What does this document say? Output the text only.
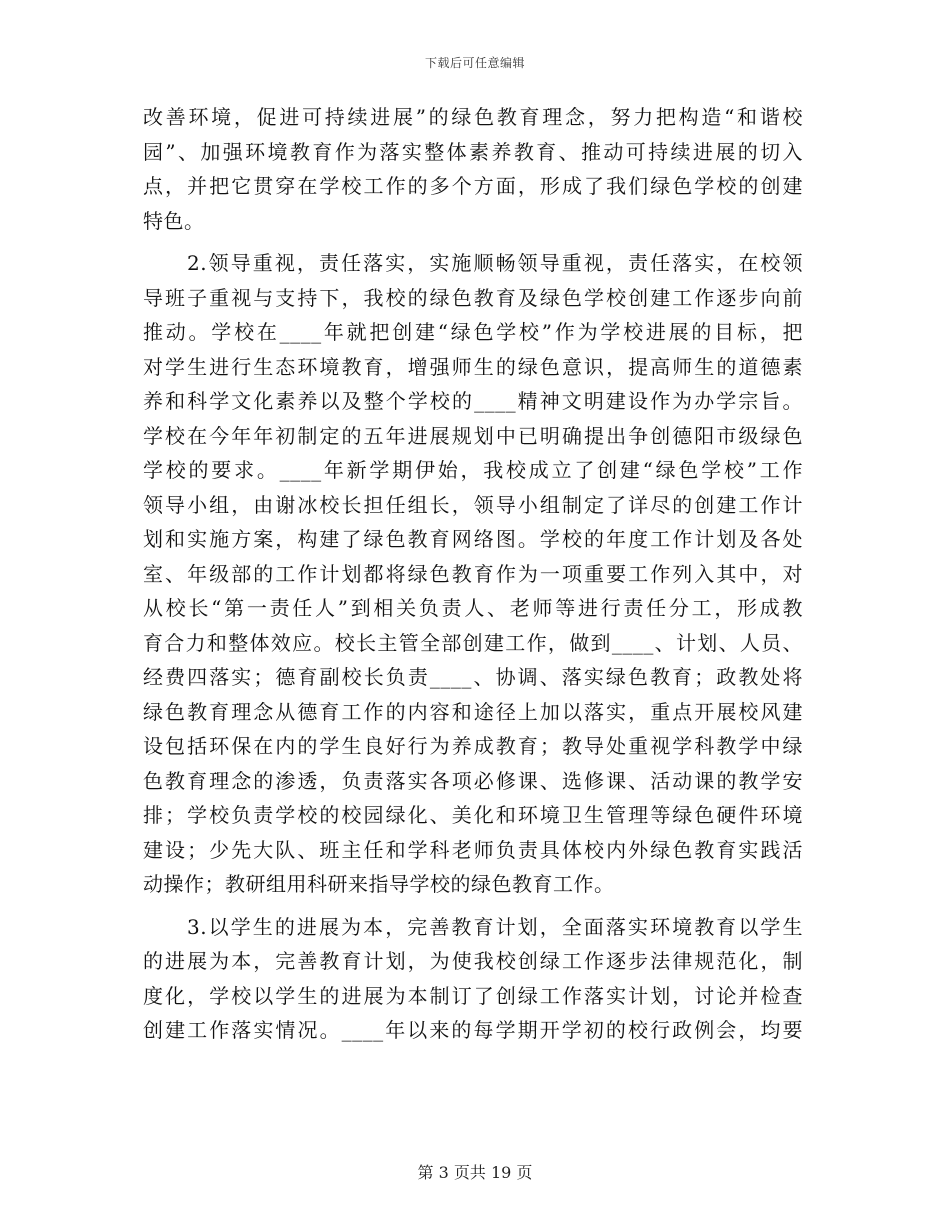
下载后可任意编辑
改善环境，促进可持续进展”的绿色教育理念，努力把构造“和谐校
园”、加强环境教育作为落实整体素养教育、推动可持续进展的切入
点，并把它贯穿在学校工作的多个方面，形成了我们绿色学校的创建
特色。
2.领导重视，责任落实，实施顺畅领导重视，责任落实，在校领
导班子重视与支持下，我校的绿色教育及绿色学校创建工作逐步向前
推动。学校在____年就把创建“绿色学校”作为学校进展的目标，把
对学生进行生态环境教育，增强师生的绿色意识，提高师生的道德素
养和科学文化素养以及整个学校的____精神文明建设作为办学宗旨。
学校在今年年初制定的五年进展规划中已明确提出争创德阳市级绿色
学校的要求。____年新学期伊始，我校成立了创建“绿色学校”工作
领导小组，由谢冰校长担任组长，领导小组制定了详尽的创建工作计
划和实施方案，构建了绿色教育网络图。学校的年度工作计划及各处
室、年级部的工作计划都将绿色教育作为一项重要工作列入其中，对
从校长“第一责任人”到相关负责人、老师等进行责任分工，形成教
育合力和整体效应。校长主管全部创建工作，做到____、计划、人员、
经费四落实；德育副校长负责____、协调、落实绿色教育；政教处将
绿色教育理念从德育工作的内容和途径上加以落实，重点开展校风建
设包括环保在内的学生良好行为养成教育；教导处重视学科教学中绿
色教育理念的渗透，负责落实各项必修课、选修课、活动课的教学安
排；学校负责学校的校园绿化、美化和环境卫生管理等绿色硬件环境
建设；少先大队、班主任和学科老师负责具体校内外绿色教育实践活
动操作；教研组用科研来指导学校的绿色教育工作。
3.以学生的进展为本，完善教育计划，全面落实环境教育以学生
的进展为本，完善教育计划，为使我校创绿工作逐步法律规范化，制
度化，学校以学生的进展为本制订了创绿工作落实计划，讨论并检查
创建工作落实情况。____年以来的每学期开学初的校行政例会，均要
第 3 页共 19 页
